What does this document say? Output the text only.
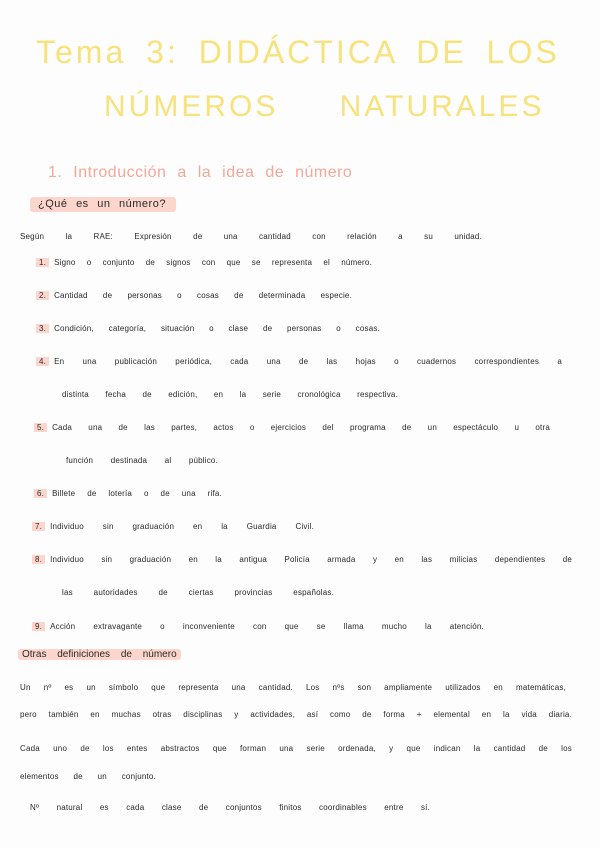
Tema 3: DIDÁCTICA DE LOS
NÚMEROS NATURALES
1. Introducción a la idea de número
¿Qué es un número?
Según la RAE: Expresión de una cantidad con relación a su unidad.
1. Signo o conjunto de signos con que se representa el número.
2. Cantidad de personas o cosas de determinada especie.
3. Condición, categoría, situación o clase de personas o cosas.
4. En una publicación periódica, cada una de las hojas o cuadernos correspondientes a
distinta fecha de edición, en la serie cronológica respectiva.
5. Cada una de las partes, actos o ejercicios del programa de un espectáculo u otra
función destinada al público.
6. Billete de lotería o de una rifa.
7. Individuo sin graduación en la Guardia Civil.
8. Individuo sin graduación en la antigua Policía armada y en las milicias dependientes de
las autoridades de ciertas provincias españolas.
9. Acción extravagante o inconveniente con que se llama mucho la atención.
Otras definiciones de número
Un nº es un símbolo que representa una cantidad. Los nºs son ampliamente utilizados en matemáticas,
pero también en muchas otras disciplinas y actividades, así como de forma + elemental en la vida diaria.
Cada uno de los entes abstractos que forman una serie ordenada, y que indican la cantidad de los
elementos de un conjunto.
Nº natural es cada clase de conjuntos finitos coordinables entre sí.
